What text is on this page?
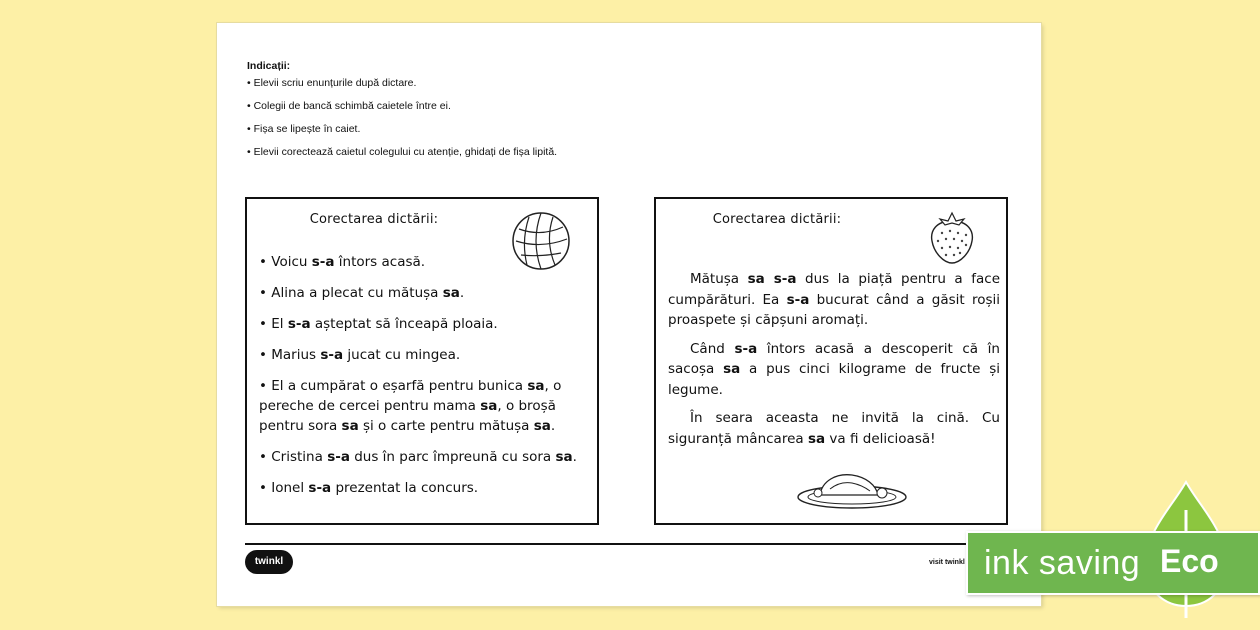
Indicații:
• Elevii scriu enunțurile după dictare.
• Colegii de bancă schimbă caietele între ei.
• Fișa se lipește în caiet.
• Elevii corectează caietul colegului cu atenție, ghidați de fișa lipită.
Corectarea dictării:
• Voicu s-a întors acasă.
• Alina a plecat cu mătușa sa.
• El s-a așteptat să înceapă ploaia.
• Marius s-a jucat cu mingea.
• El a cumpărat o eșarfă pentru bunica sa, o pereche de cercei pentru mama sa, o broșă pentru sora sa și o carte pentru mătușa sa.
• Cristina s-a dus în parc împreună cu sora sa.
• Ionel s-a prezentat la concurs.
Corectarea dictării:

Mătușa sa s-a dus la piață pentru a face cumpărături. Ea s-a bucurat când a găsit roșii proaspete și căpșuni aromați.

Când s-a întors acasă a descoperit că în sacoșa sa a pus cinci kilograme de fructe și legume.

În seara aceasta ne invită la cină. Cu siguranță mâncarea sa va fi delicioasă!

twinkl	visit twinkl ink saving Eco
